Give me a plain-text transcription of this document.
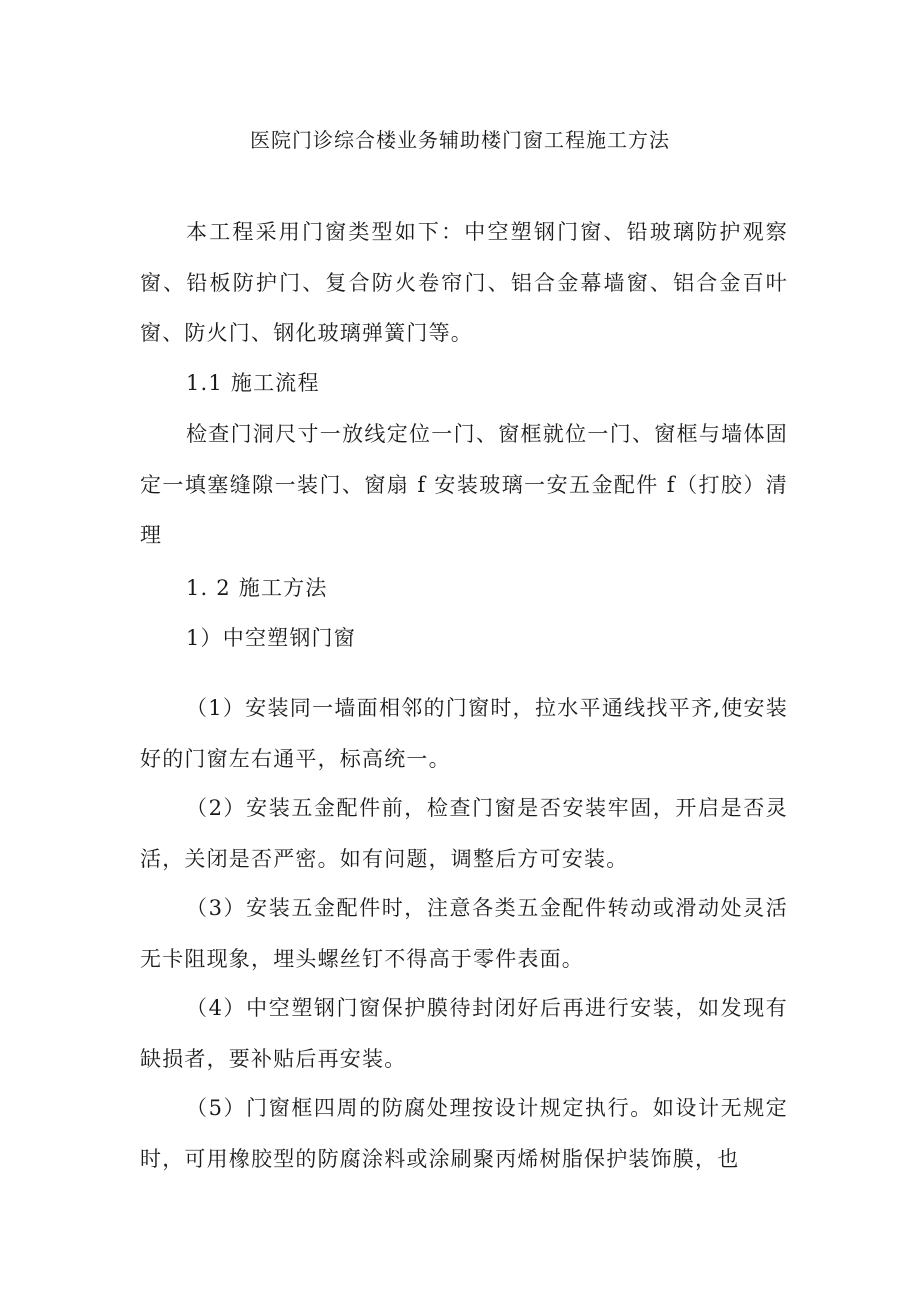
医院门诊综合楼业务辅助楼门窗工程施工方法

本工程采用门窗类型如下：中空塑钢门窗、铅玻璃防护观察窗、铅板防护门、复合防火卷帘门、铝合金幕墙窗、铝合金百叶窗、防火门、钢化玻璃弹簧门等。

1.1 施工流程

检查门洞尺寸一放线定位一门、窗框就位一门、窗框与墙体固定一填塞缝隙一装门、窗扇 f 安装玻璃一安五金配件 f（打胶）清理

1. 2 施工方法

1）中空塑钢门窗

（1）安装同一墙面相邻的门窗时，拉水平通线找平齐,使安装好的门窗左右通平，标高统一。

（2）安装五金配件前，检查门窗是否安装牢固，开启是否灵活，关闭是否严密。如有问题，调整后方可安装。

（3）安装五金配件时，注意各类五金配件转动或滑动处灵活无卡阻现象，埋头螺丝钉不得高于零件表面。

（4）中空塑钢门窗保护膜待封闭好后再进行安装，如发现有缺损者，要补贴后再安装。

（5）门窗框四周的防腐处理按设计规定执行。如设计无规定时，可用橡胶型的防腐涂料或涂刷聚丙烯树脂保护装饰膜，也
